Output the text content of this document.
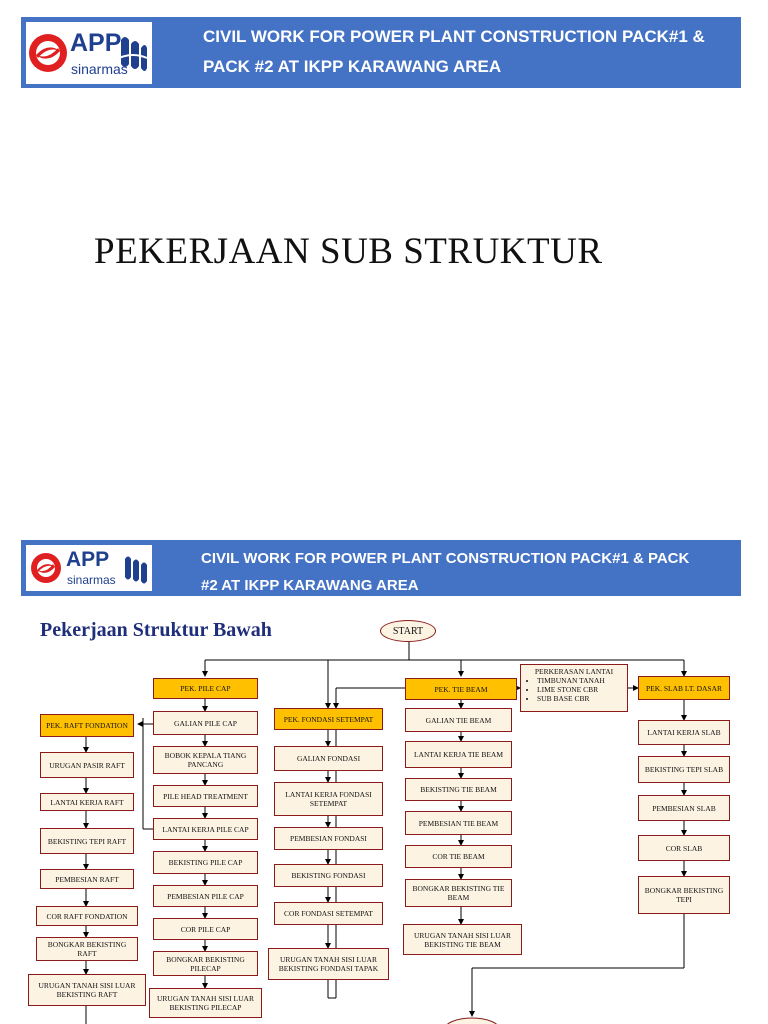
APP
sinarmas
CIVIL WORK FOR POWER PLANT CONSTRUCTION PACK#1 &
PACK #2 AT IKPP KARAWANG AREA
PEKERJAAN SUB STRUKTUR
APP
sinarmas
CIVIL WORK FOR POWER PLANT CONSTRUCTION PACK#1 & PACK
#2 AT IKPP KARAWANG AREA
Pekerjaan Struktur Bawah	START
PEK. RAFT FONDATION
URUGAN PASIR RAFT
LANTAI KERJA RAFT
BEKISTING TEPI RAFT
PEMBESIAN RAFT
COR RAFT FONDATION
BONGKAR BEKISTING RAFT
URUGAN TANAH SISI LUAR BEKISTING RAFT
PEK. PILE CAP
GALIAN PILE CAP
BOBOK KEPALA TIANG PANCANG
PILE HEAD TREATMENT
LANTAI KERJA PILE CAP
BEKISTING PILE CAP
PEMBESIAN PILE CAP
COR PILE CAP
BONGKAR BEKISTING PILECAP
URUGAN TANAH SISI LUAR BEKISTING PILECAP
PEK. FONDASI SETEMPAT
GALIAN FONDASI
LANTAI KERJA FONDASI SETEMPAT
PEMBESIAN FONDASI
BEKISTING FONDASI
COR FONDASI SETEMPAT
URUGAN TANAH SISI LUAR BEKISTING FONDASI TAPAK
PEK. TIE BEAM
GALIAN TIE BEAM
LANTAI KERJA TIE BEAM
BEKISTING TIE BEAM
PEMBESIAN TIE BEAM
COR TIE BEAM
BONGKAR BEKISTING TIE BEAM
URUGAN TANAH SISI LUAR BEKISTING TIE BEAM
PERKERASAN LANTAI
• TIMBUNAN TANAH
• LIME STONE CBR
• SUB BASE CBR
PEK. SLAB LT. DASAR
LANTAI KERJA SLAB
BEKISTING TEPI SLAB
PEMBESIAN SLAB
COR SLAB
BONGKAR BEKISTING TEPI
